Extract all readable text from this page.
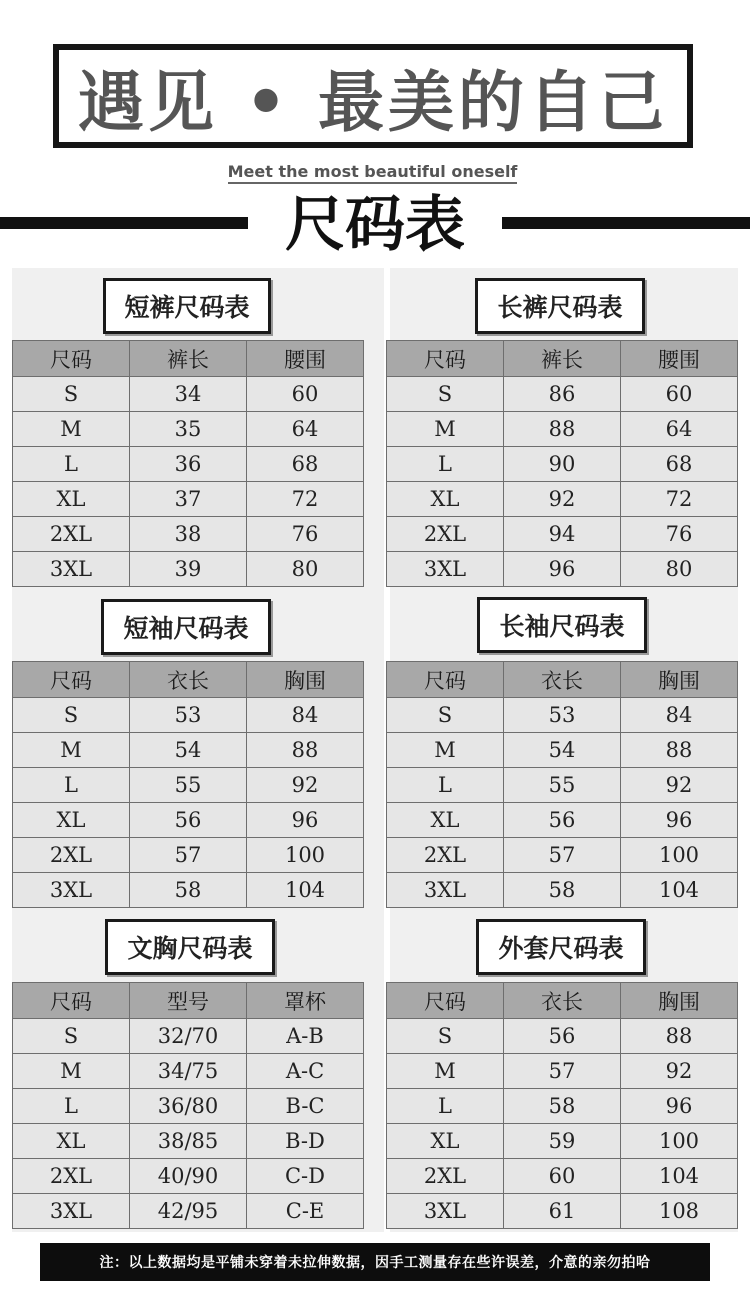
遇见 • 最美的自己
Meet the most beautiful oneself
尺码表
短裤尺码表
尺码	裤长	腰围
S	34	60
M	35	64
L	36	68
XL	37	72
2XL	38	76
3XL	39	80
长裤尺码表
尺码	裤长	腰围
S	86	60
M	88	64
L	90	68
XL	92	72
2XL	94	76
3XL	96	80
短袖尺码表
尺码	衣长	胸围
S	53	84
M	54	88
L	55	92
XL	56	96
2XL	57	100
3XL	58	104
长袖尺码表
尺码	衣长	胸围
S	53	84
M	54	88
L	55	92
XL	56	96
2XL	57	100
3XL	58	104
文胸尺码表
尺码	型号	罩杯
S	32/70	A-B
M	34/75	A-C
L	36/80	B-C
XL	38/85	B-D
2XL	40/90	C-D
3XL	42/95	C-E
外套尺码表
尺码	衣长	胸围
S	56	88
M	57	92
L	58	96
XL	59	100
2XL	60	104
3XL	61	108
注：以上数据均是平铺未穿着未拉伸数据，因手工测量存在些许误差，介意的亲勿拍哈
